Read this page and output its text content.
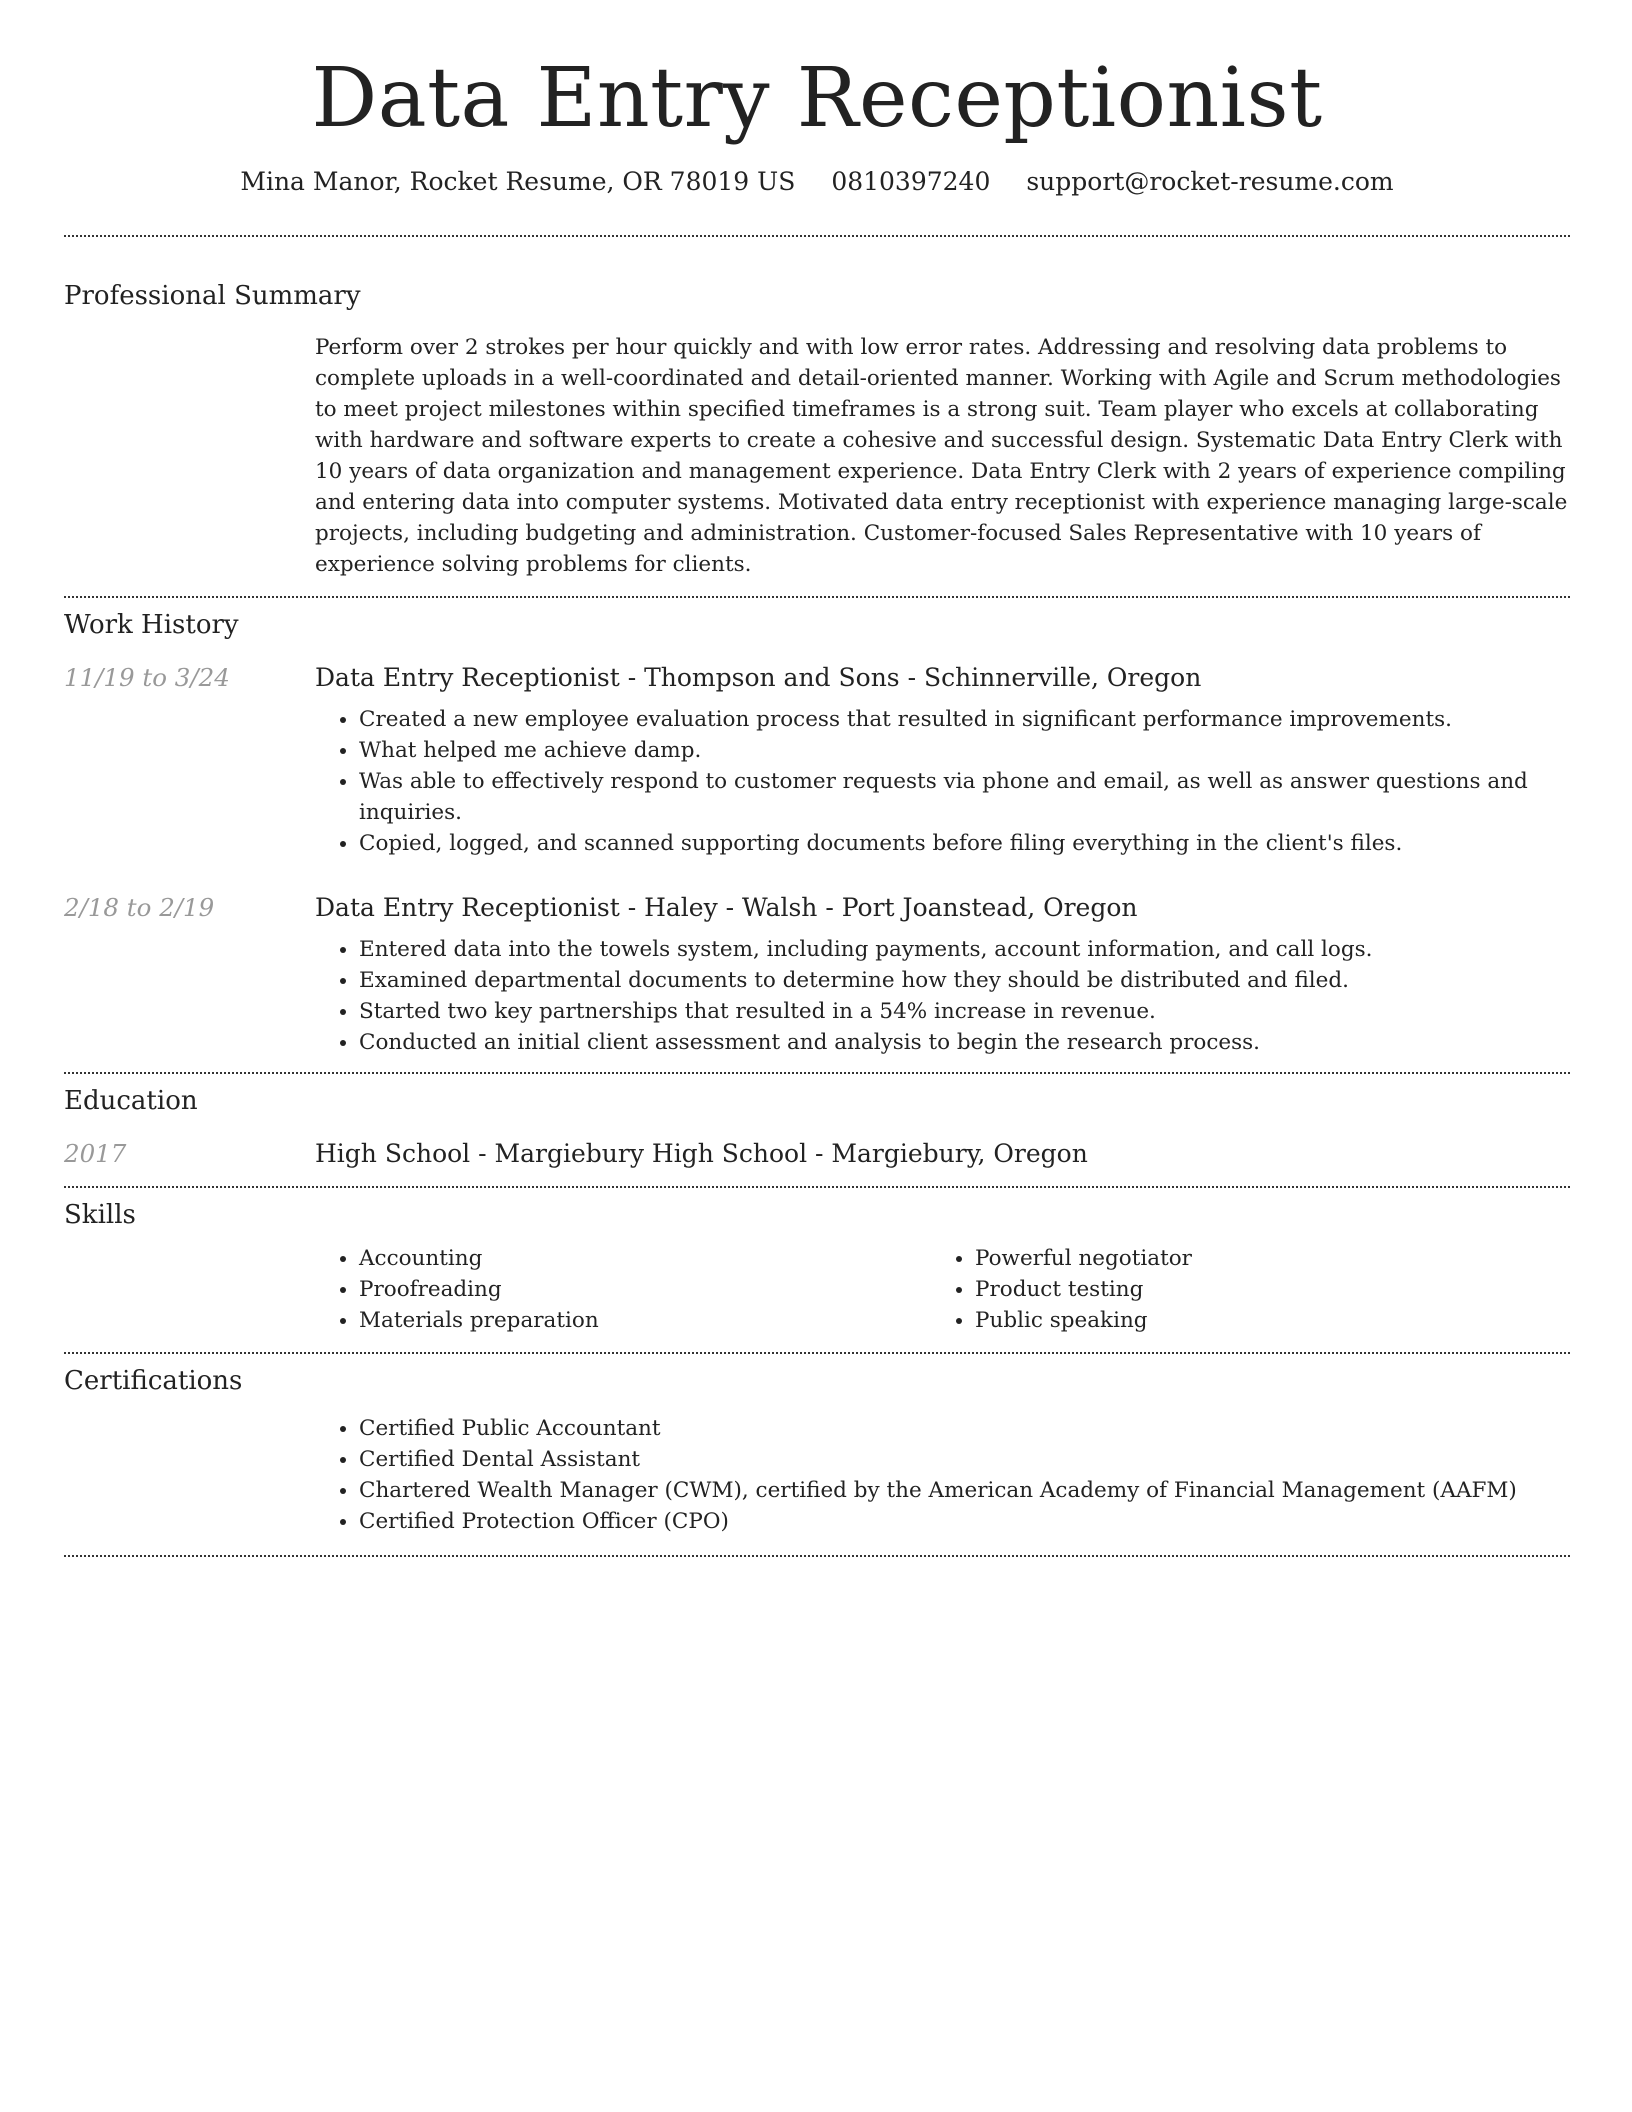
Data Entry Receptionist
Mina Manor, Rocket Resume, OR 78019 US 0810397240 support@rocket-resume.com
Professional Summary

Perform over 2 strokes per hour quickly and with low error rates. Addressing and resolving data problems to complete uploads in a well-coordinated and detail-oriented manner. Working with Agile and Scrum methodologies to meet project milestones within specified timeframes is a strong suit. Team player who excels at collaborating with hardware and software experts to create a cohesive and successful design. Systematic Data Entry Clerk with 10 years of data organization and management experience. Data Entry Clerk with 2 years of experience compiling and entering data into computer systems. Motivated data entry receptionist with experience managing large-scale projects, including budgeting and administration. Customer-focused Sales Representative with 10 years of experience solving problems for clients.

Work History
11/19 to 3/24	Data Entry Receptionist - Thompson and Sons - Schinnerville, Oregon
• Created a new employee evaluation process that resulted in significant performance improvements.
• What helped me achieve damp.
• Was able to effectively respond to customer requests via phone and email, as well as answer questions and inquiries.
• Copied, logged, and scanned supporting documents before filing everything in the client's files.
2/18 to 2/19	Data Entry Receptionist - Haley - Walsh - Port Joanstead, Oregon
• Entered data into the towels system, including payments, account information, and call logs.
• Examined departmental documents to determine how they should be distributed and filed.
• Started two key partnerships that resulted in a 54% increase in revenue.
• Conducted an initial client assessment and analysis to begin the research process.
Education
2017	High School - Margiebury High School - Margiebury, Oregon
Skills
• Accounting
• Proofreading
• Materials preparation
• Powerful negotiator
• Product testing
• Public speaking
Certifications
• Certified Public Accountant
• Certified Dental Assistant
• Chartered Wealth Manager (CWM), certified by the American Academy of Financial Management (AAFM)
• Certified Protection Officer (CPO)
